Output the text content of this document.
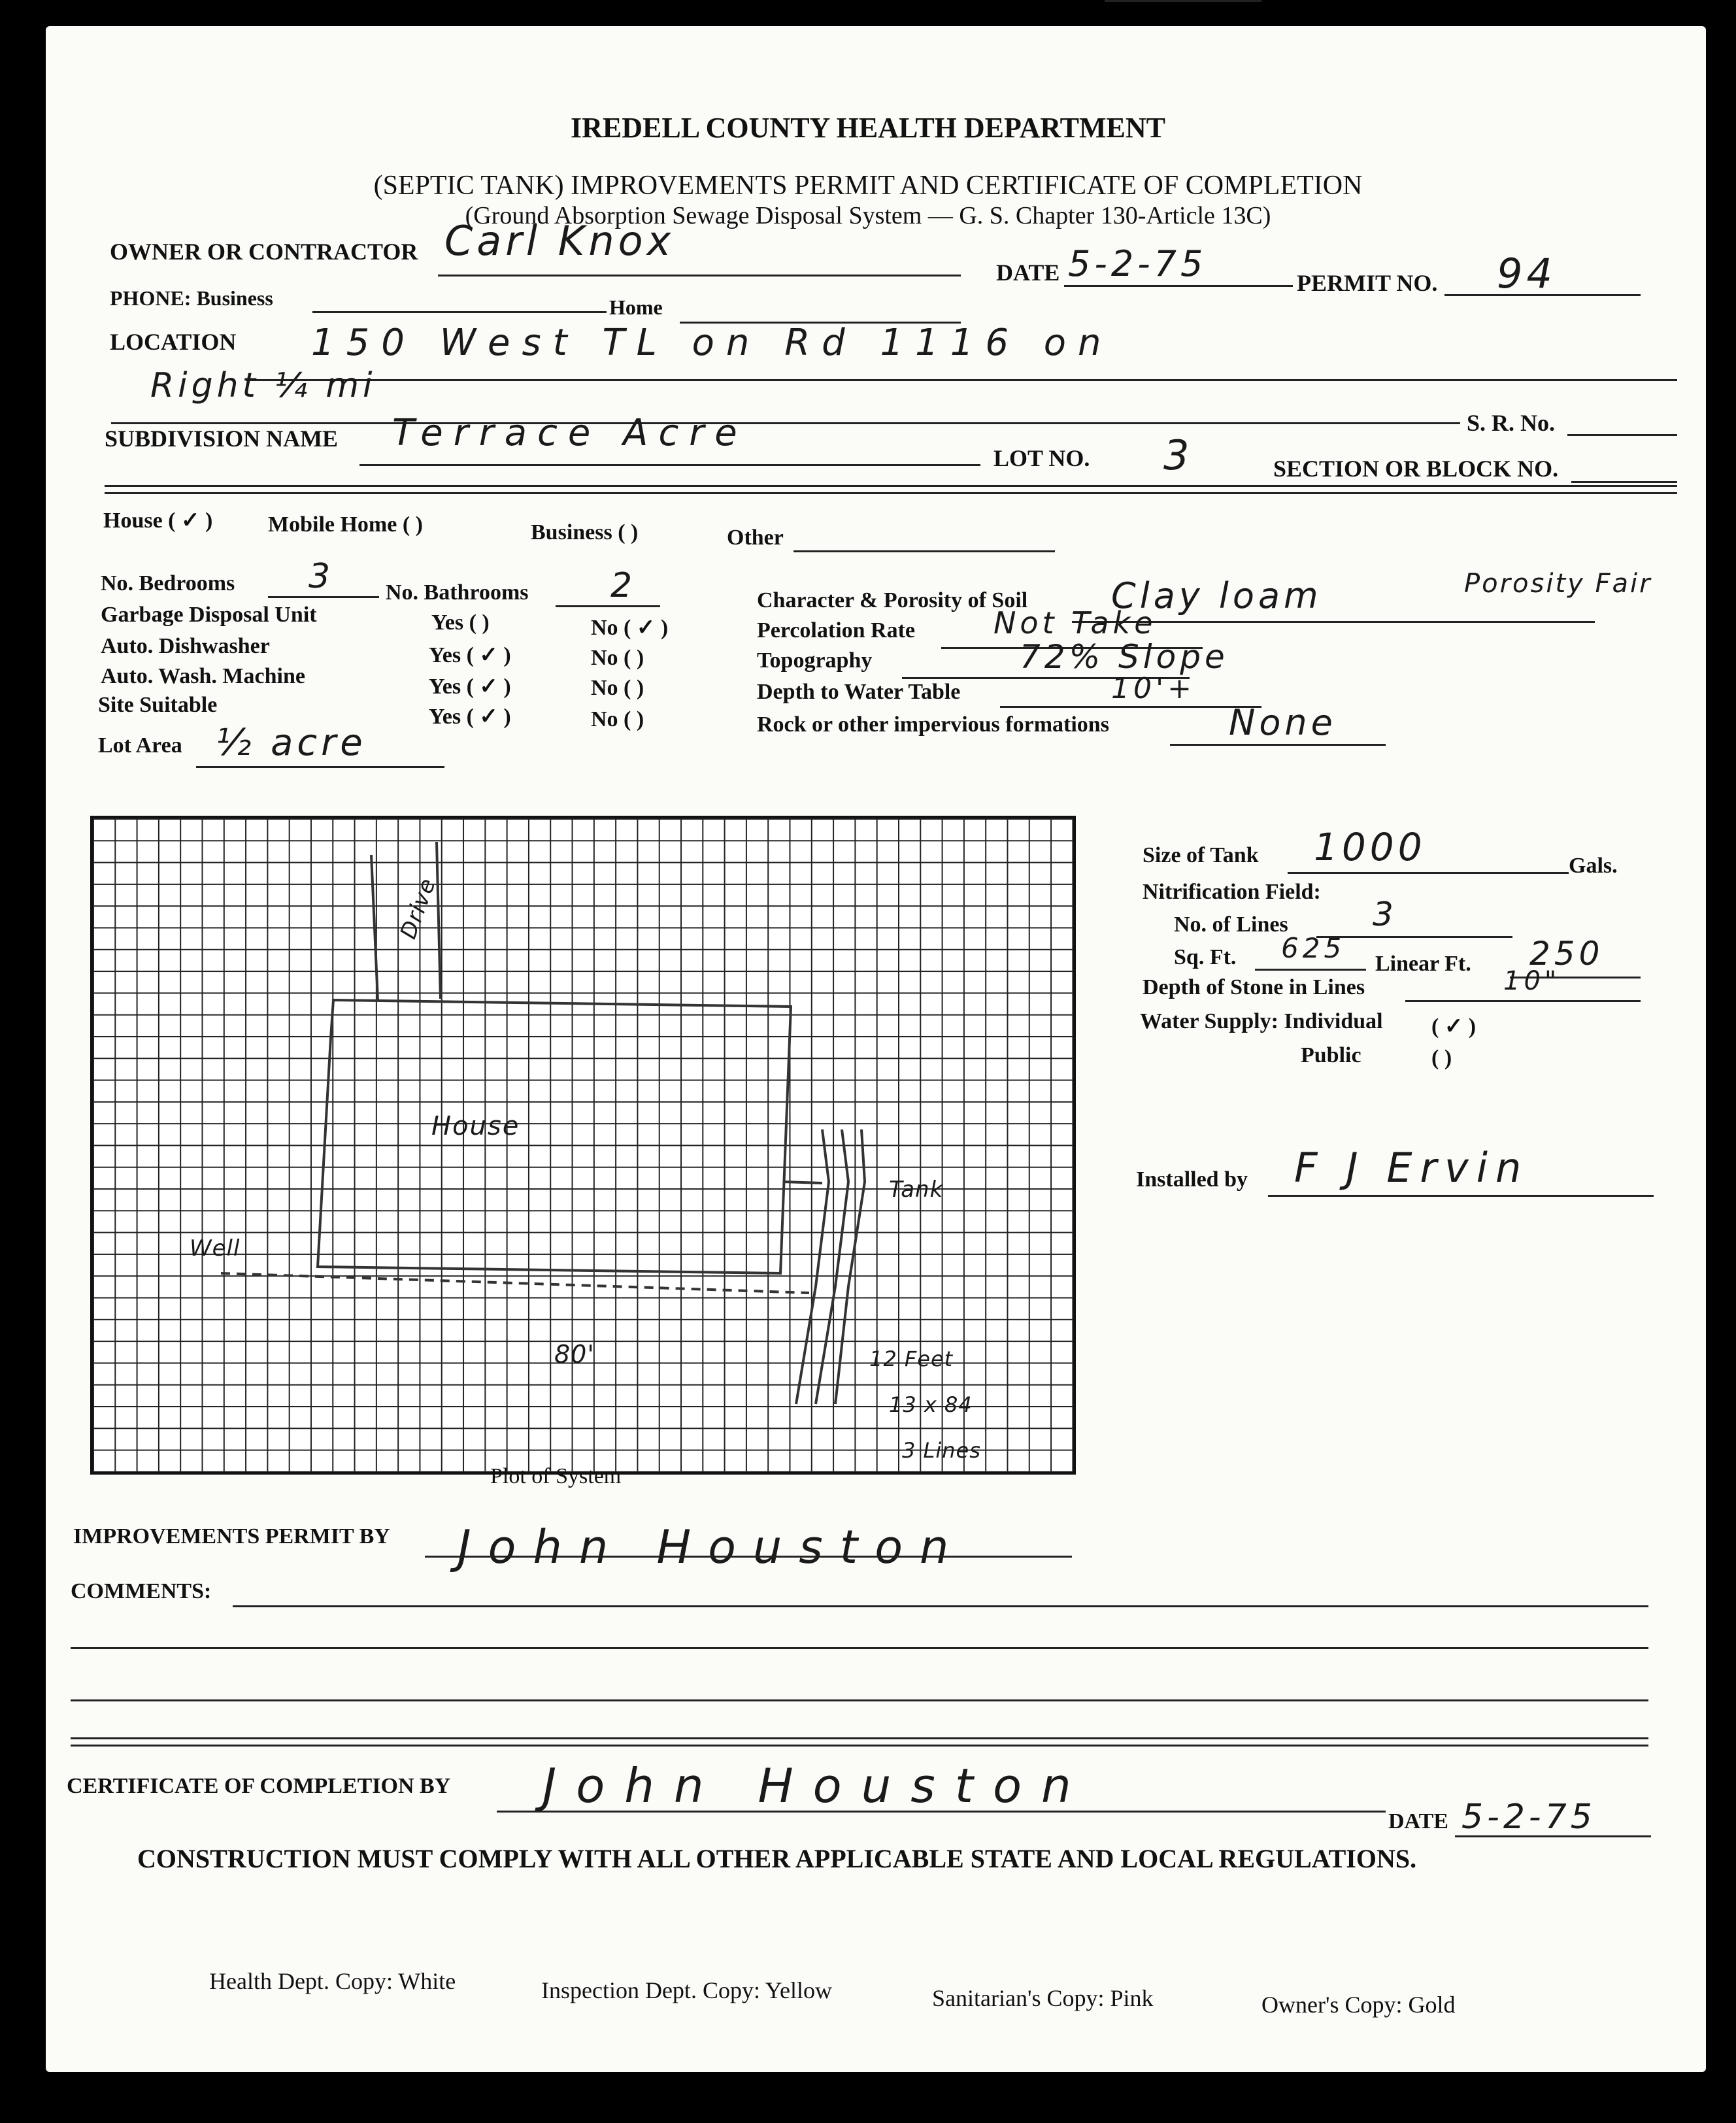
IREDELL COUNTY HEALTH DEPARTMENT
(SEPTIC TANK) IMPROVEMENTS PERMIT AND CERTIFICATE OF COMPLETION
(Ground Absorption Sewage Disposal System — G. S. Chapter 130-Article 13C)
OWNER OR CONTRACTOR Carl Knox
DATE 5-2-75	PERMIT NO. 94
PHONE: Business	Home
LOCATION 150 West TL on Rd 1116 on
Right ¼ mi
S. R. No.
SUBDIVISION NAME Terrace Acre
LOT NO. 3	SECTION OR BLOCK NO.
House ( ✓ ) Mobile Home ( )	Business ( )	Other
No. Bedrooms 3 No. Bathrooms 2
Garbage Disposal Unit	Yes ( )	No ( ✓ )
Auto. Dishwasher	Yes ( ✓ )	No ( )
Auto. Wash. Machine	Yes ( ✓ )	No ( )
Site Suitable	Yes ( ✓ )	No ( )
Lot Area ½ acre
Character & Porosity of Soil Clay loam	Porosity Fair
Percolation Rate	Not Take
Topography	72% Slope
Depth to Water Table	10'+
Rock or other impervious formations	None
House
Drive
Well
Tank
80'	12 Feet
13 x 84
3 Lines
Plot of System
Size of Tank 1000	Gals.
Nitrification Field:
No. of Lines	3
Sq. Ft. 625 Linear Ft. 250
Depth of Stone in Lines	10"
Water Supply: Individual ( ✓ )
Public	( )
Installed by F J Ervin
IMPROVEMENTS PERMIT BY John Houston
COMMENTS:
CERTIFICATE OF COMPLETION BY John Houston
DATE 5-2-75
CONSTRUCTION MUST COMPLY WITH ALL OTHER APPLICABLE STATE AND LOCAL REGULATIONS.
Health Dept. Copy: White	Inspection Dept. Copy: Yellow	Sanitarian's Copy: Pink	Owner's Copy: Gold
